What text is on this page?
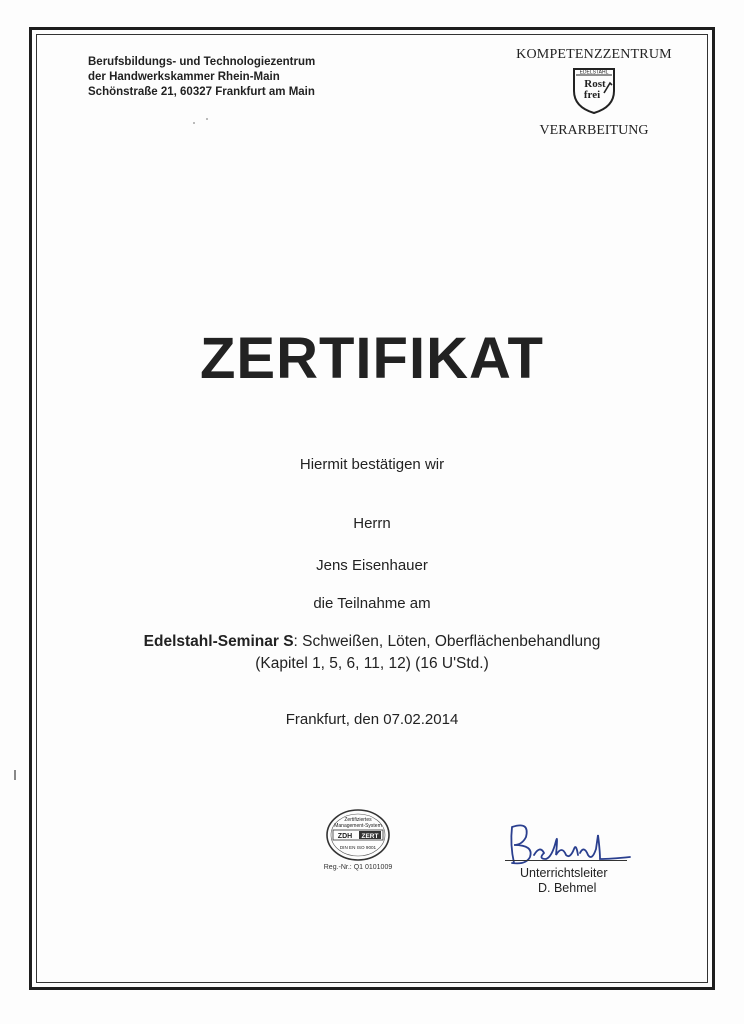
Berufsbildungs- und Technologiezentrum
der Handwerkskammer Rhein-Main
Schönstraße 21, 60327 Frankfurt am Main
KOMPETENZZENTRUM
EDELSTAHL
Rost
frei
VERARBEITUNG
ZERTIFIKAT
Hiermit bestätigen wir
Herrn
Jens Eisenhauer
die Teilnahme am
Edelstahl-Seminar S: Schweißen, Löten, Oberflächenbehandlung
(Kapitel 1, 5, 6, 11, 12) (16 U'Std.)
Frankfurt, den 07.02.2014
Zertifiziertes
Management-System
ZDH ZERT
DIN EN ISO 9001
Reg.-Nr.: Q1 0101009	Unterrichtsleiter
D. Behmel
